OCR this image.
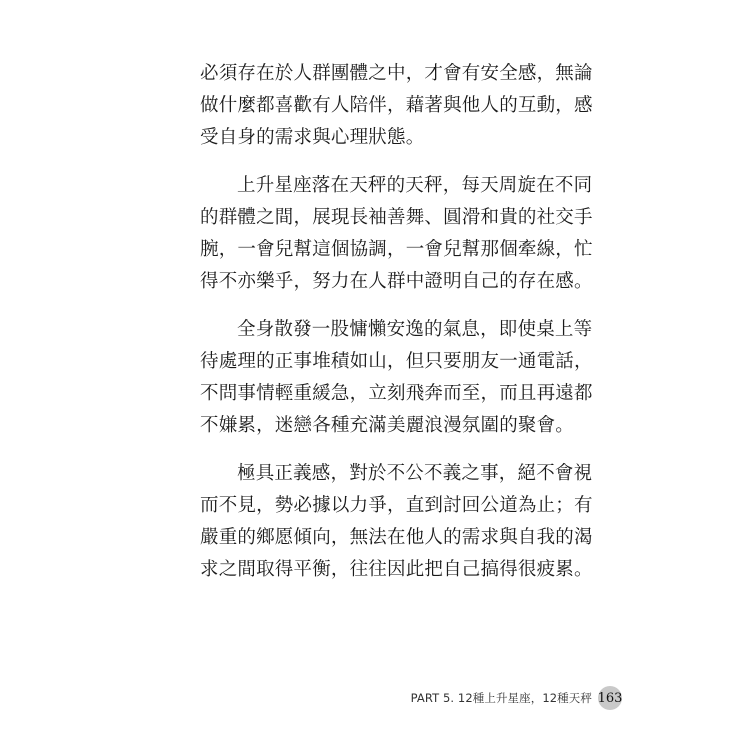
必須存在於人群團體之中，才會有安全感，無論
做什麼都喜歡有人陪伴，藉著與他人的互動，感
受自身的需求與心理狀態。

上升星座落在天秤的天秤，每天周旋在不同
的群體之間，展現長袖善舞、圓滑和貴的社交手
腕，一會兒幫這個協調，一會兒幫那個牽線，忙
得不亦樂乎，努力在人群中證明自己的存在感。

全身散發一股慵懶安逸的氣息，即使桌上等
待處理的正事堆積如山，但只要朋友一通電話，
不問事情輕重緩急，立刻飛奔而至，而且再遠都
不嫌累，迷戀各種充滿美麗浪漫氛圍的聚會。

極具正義感，對於不公不義之事，絕不會視
而不見，勢必據以力爭，直到討回公道為止；有
嚴重的鄉愿傾向，無法在他人的需求與自我的渴
求之間取得平衡，往往因此把自己搞得很疲累。

PART 5. 12種上升星座，12種天秤 163
